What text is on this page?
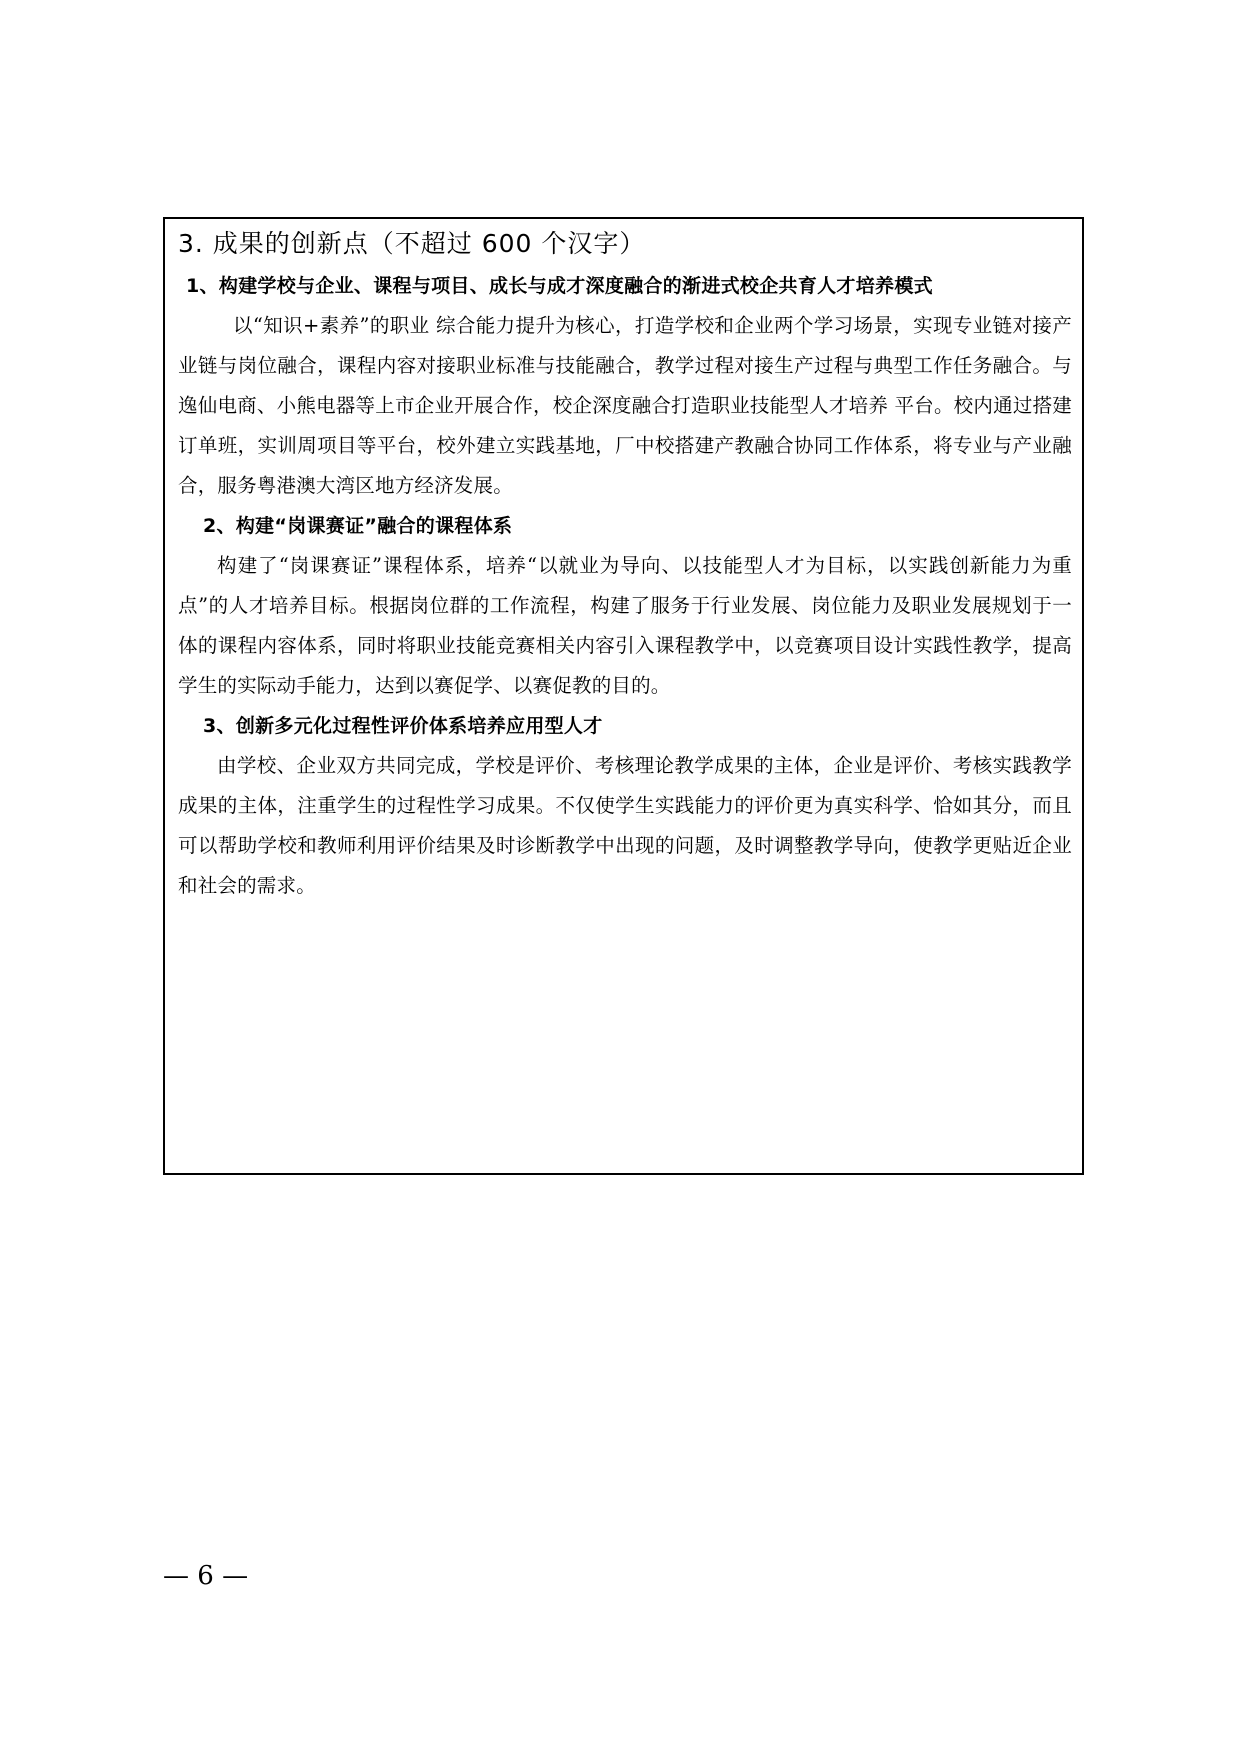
3. 成果的创新点（不超过 600 个汉字）
1、构建学校与企业、课程与项目、成长与成才深度融合的渐进式校企共育人才培养模式

以“知识+素养”的职业 综合能力提升为核心，打造学校和企业两个学习场景，实现专业链对接产业链与岗位融合，课程内容对接职业标准与技能融合，教学过程对接生产过程与典型工作任务融合。与逸仙电商、小熊电器等上市企业开展合作，校企深度融合打造职业技能型人才培养 平台。校内通过搭建订单班，实训周项目等平台，校外建立实践基地，厂中校搭建产教融合协同工作体系，将专业与产业融合，服务粤港澳大湾区地方经济发展。

2、构建“岗课赛证”融合的课程体系

构建了“岗课赛证”课程体系，培养“以就业为导向、以技能型人才为目标，以实践创新能力为重点”的人才培养目标。根据岗位群的工作流程，构建了服务于行业发展、岗位能力及职业发展规划于一体的课程内容体系，同时将职业技能竞赛相关内容引入课程教学中，以竞赛项目设计实践性教学，提高学生的实际动手能力，达到以赛促学、以赛促教的目的。

3、创新多元化过程性评价体系培养应用型人才

由学校、企业双方共同完成，学校是评价、考核理论教学成果的主体，企业是评价、考核实践教学成果的主体，注重学生的过程性学习成果。不仅使学生实践能力的评价更为真实科学、恰如其分，而且可以帮助学校和教师利用评价结果及时诊断教学中出现的问题，及时调整教学导向，使教学更贴近企业和社会的需求。

— 6 —
